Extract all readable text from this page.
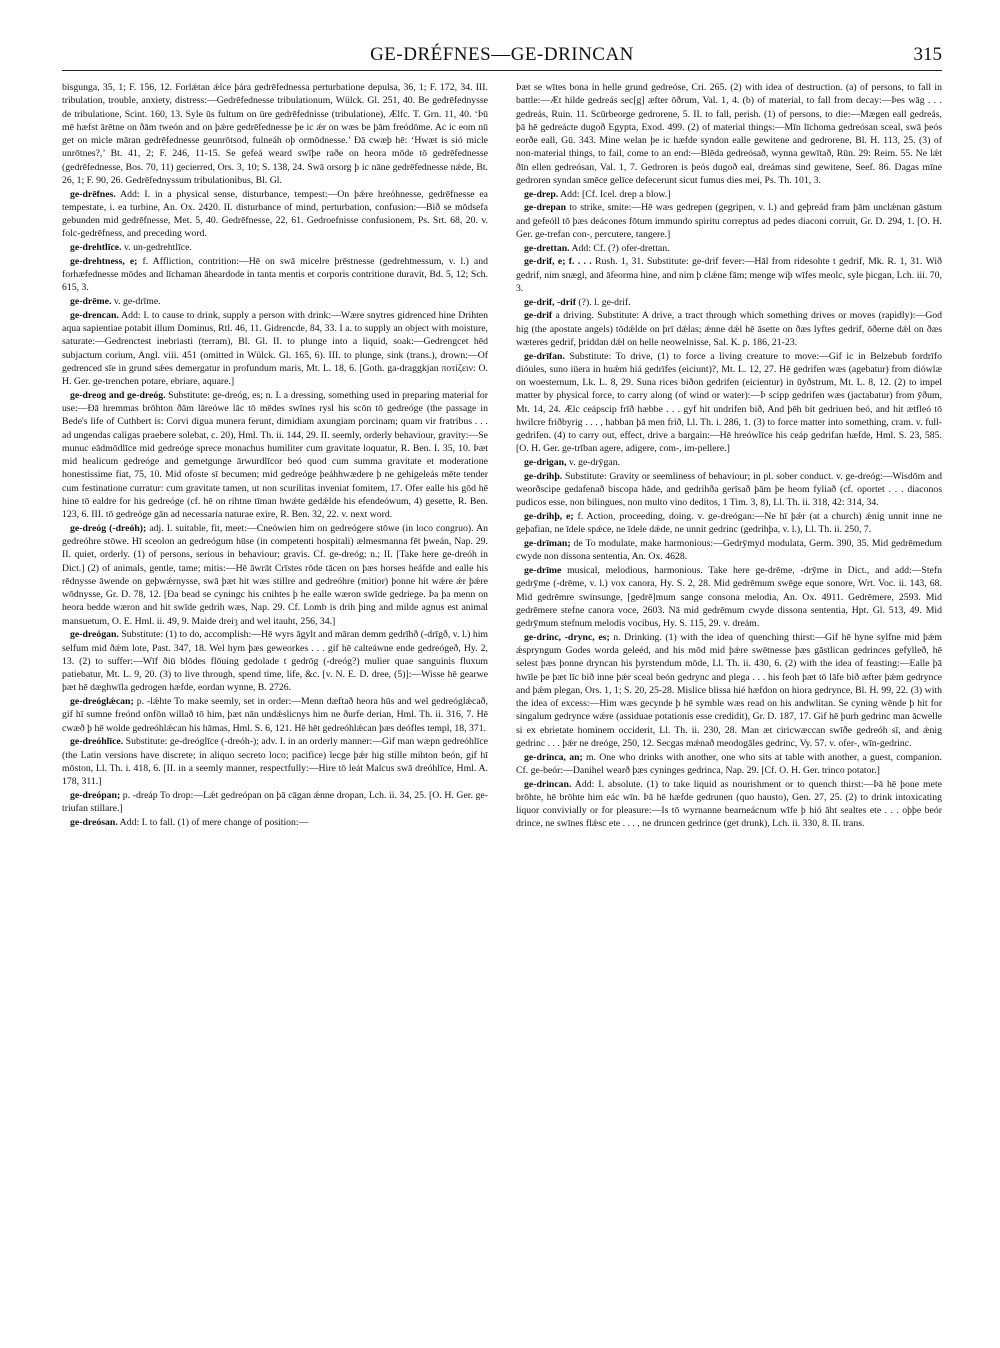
GE-DRÉFNES—GE-DRINCAN	315

bisgunga, 35, 1; F. 156, 12. Forlǽtan ǽlce þára gedrēfednessa perturbatione depulsa, 36, 1; F. 172, 34. III. tribulation, trouble, anxiety, distress:—Gedrēfednesse tribulationum, Wülck. Gl. 251, 40. Be gedrēfednysse de tribulatione, Scint. 160, 13. Syle ūs fultum on ūre gedrēfednisse (tribulatione), Ælfc. T. Grn. 11, 40. ‘Þū mē hæfst ārētne on ðām tweón and on þǽre gedrēfednesse þe ic ǽr on wæs be þām freódōme. Ac ic eom nū get on micle māran gedrēfednesse geunrōtsod, fulneáh oþ ormōdnesse.’ Đā cwæþ hē: ‘Hwæt is sió micle unrōtnes?,’ Bt. 41, 2; F. 246, 11-15. Se gefeá weard swīþe raðe on heora mōde tō gedrēfednesse (gedrēfednesse, Bos. 70, 11) gecierred, Ors. 3, 10; S. 138, 24. Swā orsorg þ ic nāne gedrēfednesse nǽde, Bt. 26, 1; F. 90, 26. Gedrēfednyssum tribulationibus, Bl. Gl.

ge-drēfnes. Add: I. in a physical sense, disturbance, tempest:—On þǽre hreóhnesse, gedrēfnesse ea tempestate, i. ea turbine, An. Ox. 2420. II. disturbance of mind, perturbation, confusion:—Bið se mōdsefa gebunden mid gedrēfnesse, Met. 5, 40. Gedrēfnesse, 22, 61. Gedroefnisse confusionem, Ps. Srt. 68, 20. v. folc-gedrēfness, and preceding word.

ge-drehtlīce. v. un-gedrehtlīce.

ge-drehtness, e; f. Affliction, contrition:—Hē on swā micelre þrēstnesse (gedrehtnessum, v. l.) and forhæfednesse mōdes and līchaman āheardode in tanta mentis et corporis contritione duravit, Bd. 5, 12; Sch. 615, 3.

ge-drēme. v. ge-drīme.

ge-drencan. Add: I. to cause to drink, supply a person with drink:—Wære snytres gidrenced hine Drihten aqua sapientiae potabit illum Dominus, Rtl. 46, 11. Gidrencde, 84, 33. I a. to supply an object with moisture, saturate:—Gedrenctest inebriasti (terram), Bl. Gl. II. to plunge into a liquid, soak:—Gedrengcet hēd subjactum corium, Angl. viii. 451 (omitted in Wülck. Gl. 165, 6). III. to plunge, sink (trans.), drown:—Of gedrenced sīe in grund sǽes demergatur in profundum maris, Mt. L. 18, 6. [Goth. ga-draggkjan ποτίζειν: O. H. Ger. ge-trenchen potare, ebriare, aquare.]

ge-dreog and ge-dreóg. Substitute: ge-dreóg, es; n. I. a dressing, something used in preparing material for use:—Đā hremmas brōhton ðām lāreówe lāc tō mēdes swīnes rysl his scōn tō gedreóge (the passage in Bede's life of Cuthbert is: Corvi digua munera ferunt, dimidiam axungiam porcinam; quam vir fratribus . . . ad ungendas caligas praebere solebat, c. 20), Hml. Th. ii. 144, 29. II. seemly, orderly behaviour, gravity:—Se munuc eādmōdlīce mid gedreóge sprece monachus humiliter cum gravitate loquatur, R. Ben. I. 35, 10. Þæt mid healicum gedreóge and gemetgunge ārwurdlīcor beó quod cum summa gravitate et moderatione honestissime fiat, 75, 10. Mid ofoste sī becumen; mid gedreóge þeáhhwædere þ ne gehigeleás mēte tender cum festinatione curratur: cum gravitate tamen, ut non scurilitas inveniat fomitem, 17. Ofer ealle his gōd hē hine tō ealdre for his gedreóge (cf. hē on rihtne tīman hwǽte gedǽlde his efendeówum, 4) gesette, R. Ben. 123, 6. III. tō gedreóge gān ad necessaria naturae exire, R. Ben. 32, 22. v. next word.

ge-dreóg (-dreóh); adj. I. suitable, fit, meet:—Cneówien him on gedreógere stōwe (in loco congruo). An gedreóhre stōwe. Hī sceolon an gedreógum hūse (in competenti hospitali) ælmesmanna fēt þweán, Nap. 29. II. quiet, orderly. (1) of persons, serious in behaviour; gravis. Cf. ge-dreóg; n.; II. [Take here ge-dreóh in Dict.] (2) of animals, gentle, tame; mitis:—Hē āwrāt Crīstes rōde tācen on þæs horses heáfde and ealle his rēdnysse āwende on geþwǽrnysse, swā þæt hit wæs stillre and gedreóhre (mitior) þonne hit wǽre ǽr þǽre wōdnysse, Gr. D. 78, 12. [Đa bead se cyningc his cnihtes þ he ealle wæron swīde gedriege. Þa þa menn on heora bedde wæron and hit swīde gedrih wæs, Nap. 29. Cf. Lomb is drih þing and milde agnus est animal mansuetum, O. E. Hml. ii. 49, 9. Maide dreiȝ and wel itauht, 256, 34.]

ge-dreógan. Substitute: (1) to do, accomplish:—Hē wyrs āgylt and māran demm gedrīhð (-drīgð, v. l.) him selfum mid ðǽm lote, Past. 347, 18. Wel hym þæs geweorkes . . . gif hē calteáwne ende gedreógeð, Hy. 2, 13. (2) to suffer:—Wīf ðiū blōdes flōuing gedolade t gedrōg (-dreóg?) mulier quae sanguinis fluxum patiebatur, Mt. L. 9, 20. (3) to live through, spend time, life, &c. [v. N. E. D. dree, (5)]:—Wisse hē gearwe þæt hē dæghwīla gedrogen hæfde, eordan wynne, B. 2726.

ge-dreóglǽcan; p. -lǽhte To make seemly, set in order:—Menn dæftað heora hūs and wel gedreóglǽcað, gif hī sumne freónd onfōn willað tō him, þæt nān undǽslicnys him ne ðurfe derian, Hml. Th. ii. 316, 7. Hē cwæð þ hē wolde gedreóhlǽcan his hāmas, Hml. S. 6, 121. Hē hēt gedreóhlǽcan þæs deófles templ, 18, 371.

ge-dreóhlīce. Substitute: ge-dreóglīce (-dreóh-); adv. I. in an orderly manner:—Gif man wæpn gedreóhlīce (the Latin versions have discrete; in aliquo secreto loco; pacifice) lecge þǽr hig stille mihton beón, gif hī mōston, Ll. Th. i. 418, 6. [II. in a seemly manner, respectfully:—Hire tō leát Malcus swā dreóhlīce, Hml. A. 178, 311.]

ge-dreópan; p. -dreáp To drop:—Lǽt gedreópan on þā cāgan ǽnne dropan, Lch. ii. 34, 25. [O. H. Ger. ge-triufan stillare.]

ge-dreósan. Add: I. to fall. (1) of mere change of position:—

Þæt se wītes bona in helle grund gedreóse, Cri. 265. (2) with idea of destruction. (a) of persons, to fall in battle:—Æt hilde gedreás sec[g] æfter ōðrum, Val. 1, 4. (b) of material, to fall from decay:—Þes wāg . . . gedreás, Ruin. 11. Scūrbeorge gedrorene, 5. II. to fall, perish. (1) of persons, to die:—Mægen eall gedreás, þā hē gedreácte dugoð Egypta, Exod. 499. (2) of material things:—Mīn līchoma gedreósan sceal, swā þeós eorðe eall, Gū. 343. Mine welan þe ic hæfde syndon ealle gewitene and gedrorene, Bl. H. 113, 25. (3) of non-material things, to fail, come to an end:—Blēda gedreósað, wynna gewītað, Rūn. 29: Reim. 55. Ne lǽt ðīn ellen gedreósan, Val. 1, 7. Gedroren is þeós dugoð eal, dreámas sind gewitene, Seef. 86. Dagas mīne gedroren syndan smēce gelīce defecerunt sicut fumus dies mei, Ps. Th. 101, 3.

ge-drep. Add: [Cf. Icel. drep a blow.]

ge-drepan to strike, smite:—Hē wæs gedrepen (gegripen, v. l.) and geþreád fram þām unclǽnan gāstum and gefeóll tō þæs deácones fōtum immundo spiritu correptus ad pedes diaconi corruit, Gr. D. 294, 1. [O. H. Ger. ge-trefan con-, percutere, tangere.]

ge-drettan. Add: Cf. (?) ofer-drettan.

ge-drif, e; f. . . . Rush. 1, 31. Substitute: ge-drif fever:—Hāl from ridesohte t gedrif, Mk. R. 1, 31. Wið gedrif, nim snægl, and āfeorma hine, and nim þ clǽne fām; menge wiþ wīfes meolc, syle þicgan, Lch. iii. 70, 3.

ge-drif, -drif (?). l. ge-drif.

ge-drif a driving. Substitute: A drive, a tract through which something drives or moves (rapidly):—God hig (the apostate angels) tōdǽlde on þrī dǽlas; ǽnne dǽl hē āsette on ðæs lyftes gedrif, ōðerne dǽl on ðæs wæteres gedrif, þriddan dǽl on helle neowelnisse, Sal. K. p. 186, 21-23.

ge-drīfan. Substitute: To drive, (1) to force a living creature to move:—Gif ic in Belzebub fordrīfo dióules, suno iūera in huǽm hiá gedrīfes (eiciunt)?, Mt. L. 12, 27. Hē gedrifen wæs (agebatur) from diówlæ on woesternum, Lk. L. 8, 29. Suna rices biðon gedrifen (eicientur) in ūyðstrum, Mt. L. 8, 12. (2) to impel matter by physical force, to carry along (of wind or water):—Þ scipp gedrifen wæs (jactabatur) from ȳðum, Mt. 14, 24. Ælc ceápscip frīð hæbbe . . . gyf hit undrifen bið, And þēh bit gedriuen beó, and hit ætfleó tō hwilcre friðbyrig . . . , habban þā men frið, Ll. Th. i. 286, 1. (3) to force matter into something, cram. v. full-gedrifen. (4) to carry out, effect, drive a bargain:—Hē hreówlīce his ceáp gedrifan hæfde, Hml. S. 23, 585. [O. H. Ger. ge-trīban agere, adigere, com-, im-pellere.]

ge-drigan, v. ge-drȳgan.

ge-drihþ. Substitute: Gravity or seemliness of behaviour; in pl. sober conduct. v. ge-dreóg:—Wisdōm and weorðscipe gedafenað biscopa hāde, and gedrihða gerīsað þām þe heom fyliað (cf. oportet . . . diaconos pudicos esse, non bilingues, non multo vino deditos, 1 Tim. 3, 8), Ll. Th. ii. 318, 42: 314, 34.

ge-drihþ, e; f. Action, proceeding, doing. v. ge-dreógan:—Ne hī þǽr (at a church) ǽnig unnit inne ne geþafian, ne īdele spǽce, ne īdele dǽde, ne unnit gedrinc (gedrihþa, v. l.), Ll. Th. ii. 250, 7.

ge-drīman; de To modulate, make harmonious:—Gedrȳmyd modulata, Germ. 390, 35. Mid gedrēmedum cwyde non dissona sententia, An. Ox. 4628.

ge-drīme musical, melodious, harmonious. Take here ge-drēme, -drȳme in Dict., and add:—Stefn gedrȳme (-drēme, v. l.) vox canora, Hy. S. 2, 28. Mid gedrēmum swēge eque sonore, Wrt. Voc. ii. 143, 68. Mid gedrēmre swinsunge, [gedrē]mum sange consona melodia, An. Ox. 4911. Gedrēmere, 2593. Mid gedrēmere stefne canora voce, 2603. Nā mid gedrēmum cwyde dissona sententia, Hpt. Gl. 513, 49. Mid gedrȳmum stefnum melodis vocibus, Hy. S. 115, 29. v. dreám.

ge-drinc, -drync, es; n. Drinking. (1) with the idea of quenching thirst:—Gif hē hyne sylfne mid þǽm ǽspryngum Godes worda geleéd, and his mōd mid þǽre swētnesse þæs gāstlican gedrinces gefylleð, hē selest þæs þonne dryncan his þyrstendum mōde, Ll. Th. ii. 430, 6. (2) with the idea of feasting:—Ealle þā hwīle þe þæt līc bið inne þǽr sceal beón gedrync and plega . . . his feoh þæt tō lāfe bið æfter þǽm gedrynce and þǽm plegan, Ors. 1, 1; S. 20, 25-28. Mislice blissa hié hæfdon on hiora gedrynce, Bl. H. 99, 22. (3) with the idea of excess:—Him wæs gecynde þ hē symble wæs read on his andwlitan. Se cyning wēnde þ hit for singalum gedrynce wǽre (assiduae potationis esse credidit), Gr. D. 187, 17. Gif hē þurh gedrinc man ācwelle si ex ebrietate hominem occiderit, Ll. Th. ii. 230, 28. Man æt ciricwæccan swīðe gedreóh sī, and ǽnig gedrinc . . . þǽr ne dreóge, 250, 12. Secgas mǽnað meodogāles gedrinc, Vy. 57. v. ofer-, wīn-gedrinc.

ge-drinca, an; m. One who drinks with another, one who sits at table with another, a guest, companion. Cf. ge-beór:—Danihel wearð þæs cyninges gedrinca, Nap. 29. [Cf. O. H. Ger. trinco potator.]

ge-drincan. Add: I. absolute. (1) to take liquid as nourishment or to quench thirst:—Þā hē þone mete brōhte, hē brōhte him eác wīn. Þā hē hæfde gedrunen (quo hausto), Gen. 27, 25. (2) to drink intoxicating liquor convivially or for pleasure:—Is tō wyrnanne bearneácnum wīfe þ hió āht sealtes ete . . . oþþe beór drince, ne swīnes flǽsc ete . . . , ne druncen gedrince (get drunk), Lch. ii. 330, 8. II. trans.
